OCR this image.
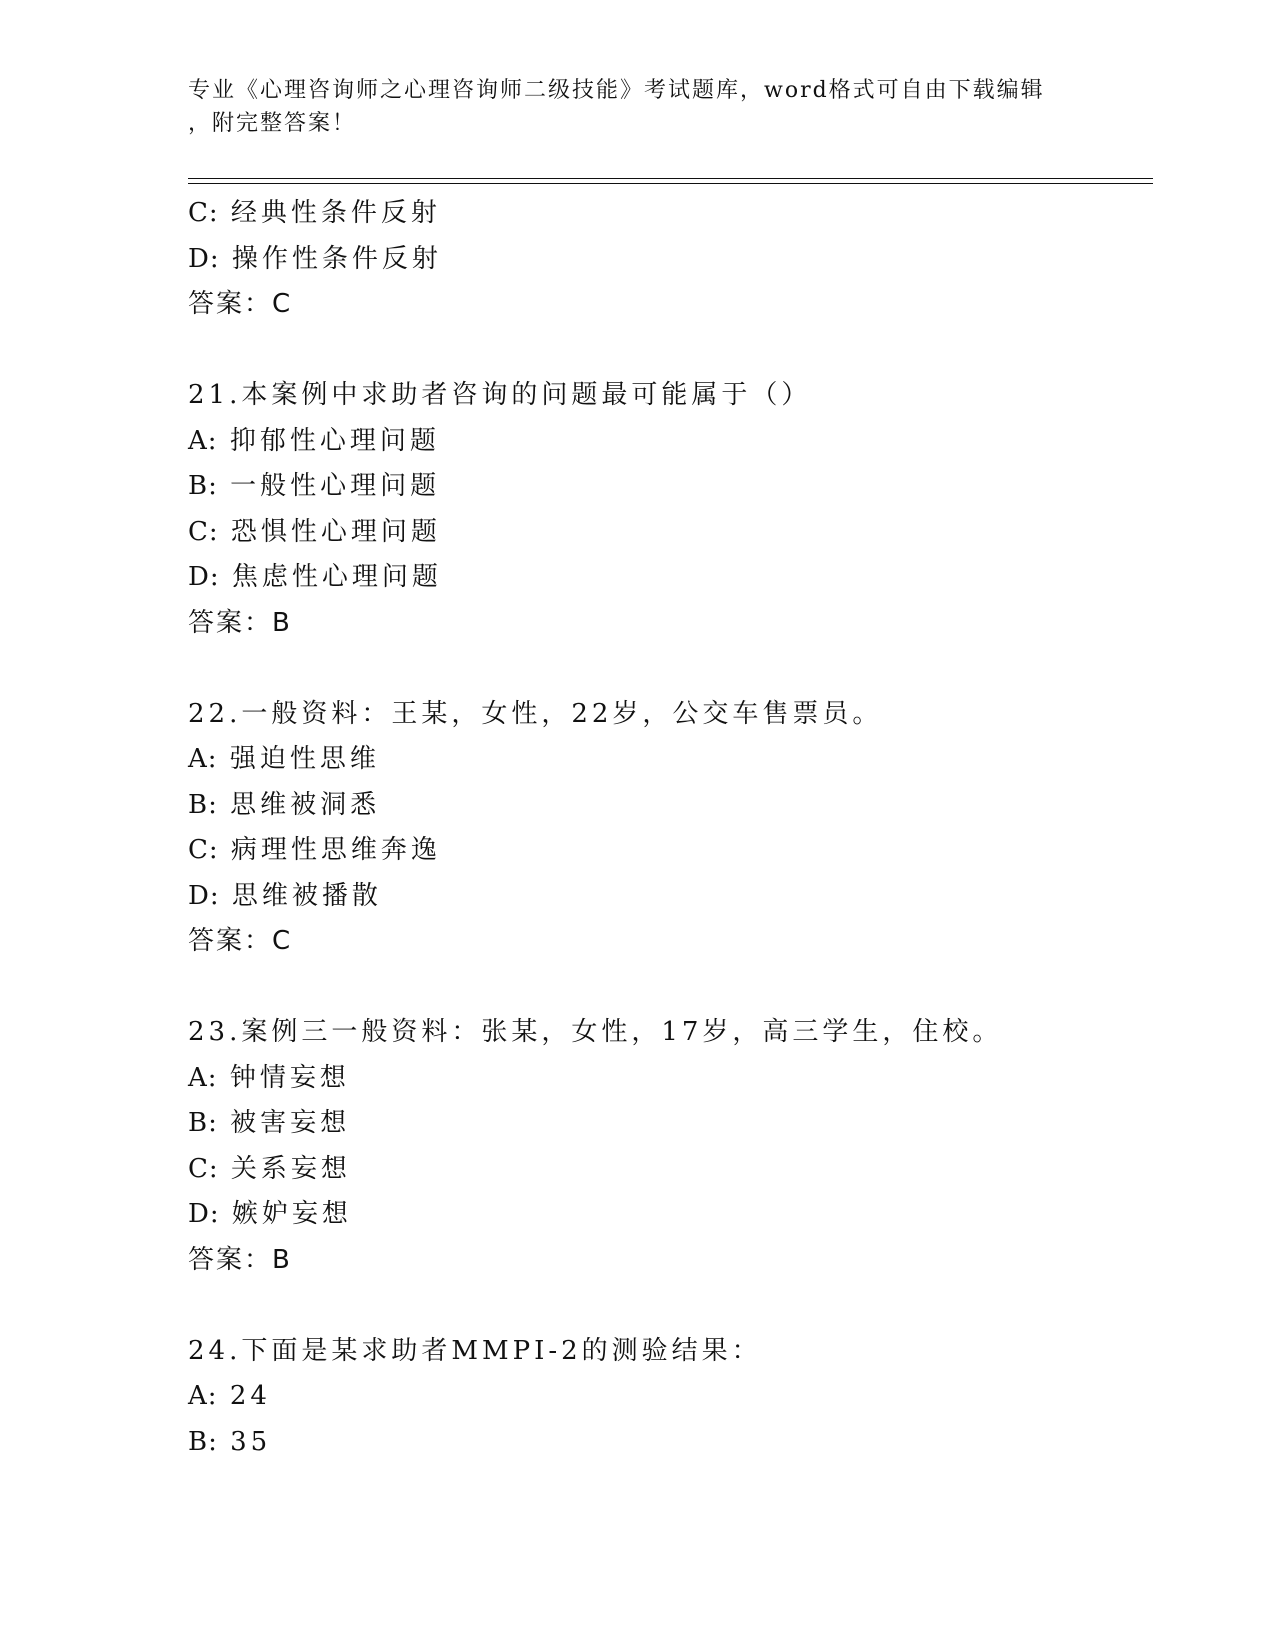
专业《心理咨询师之心理咨询师二级技能》考试题库，word格式可自由下载编辑
，附完整答案！
C: 经典性条件反射
D: 操作性条件反射
答案：C
21.本案例中求助者咨询的问题最可能属于（）
A: 抑郁性心理问题
B: 一般性心理问题
C: 恐惧性心理问题
D: 焦虑性心理问题
答案：B
22.一般资料：王某，女性，22岁，公交车售票员。
A: 强迫性思维
B: 思维被洞悉
C: 病理性思维奔逸
D: 思维被播散
答案：C
23.案例三一般资料：张某，女性，17岁，高三学生，住校。
A: 钟情妄想
B: 被害妄想
C: 关系妄想
D: 嫉妒妄想
答案：B
24.下面是某求助者MMPI-2的测验结果：
A: 24
B: 35
